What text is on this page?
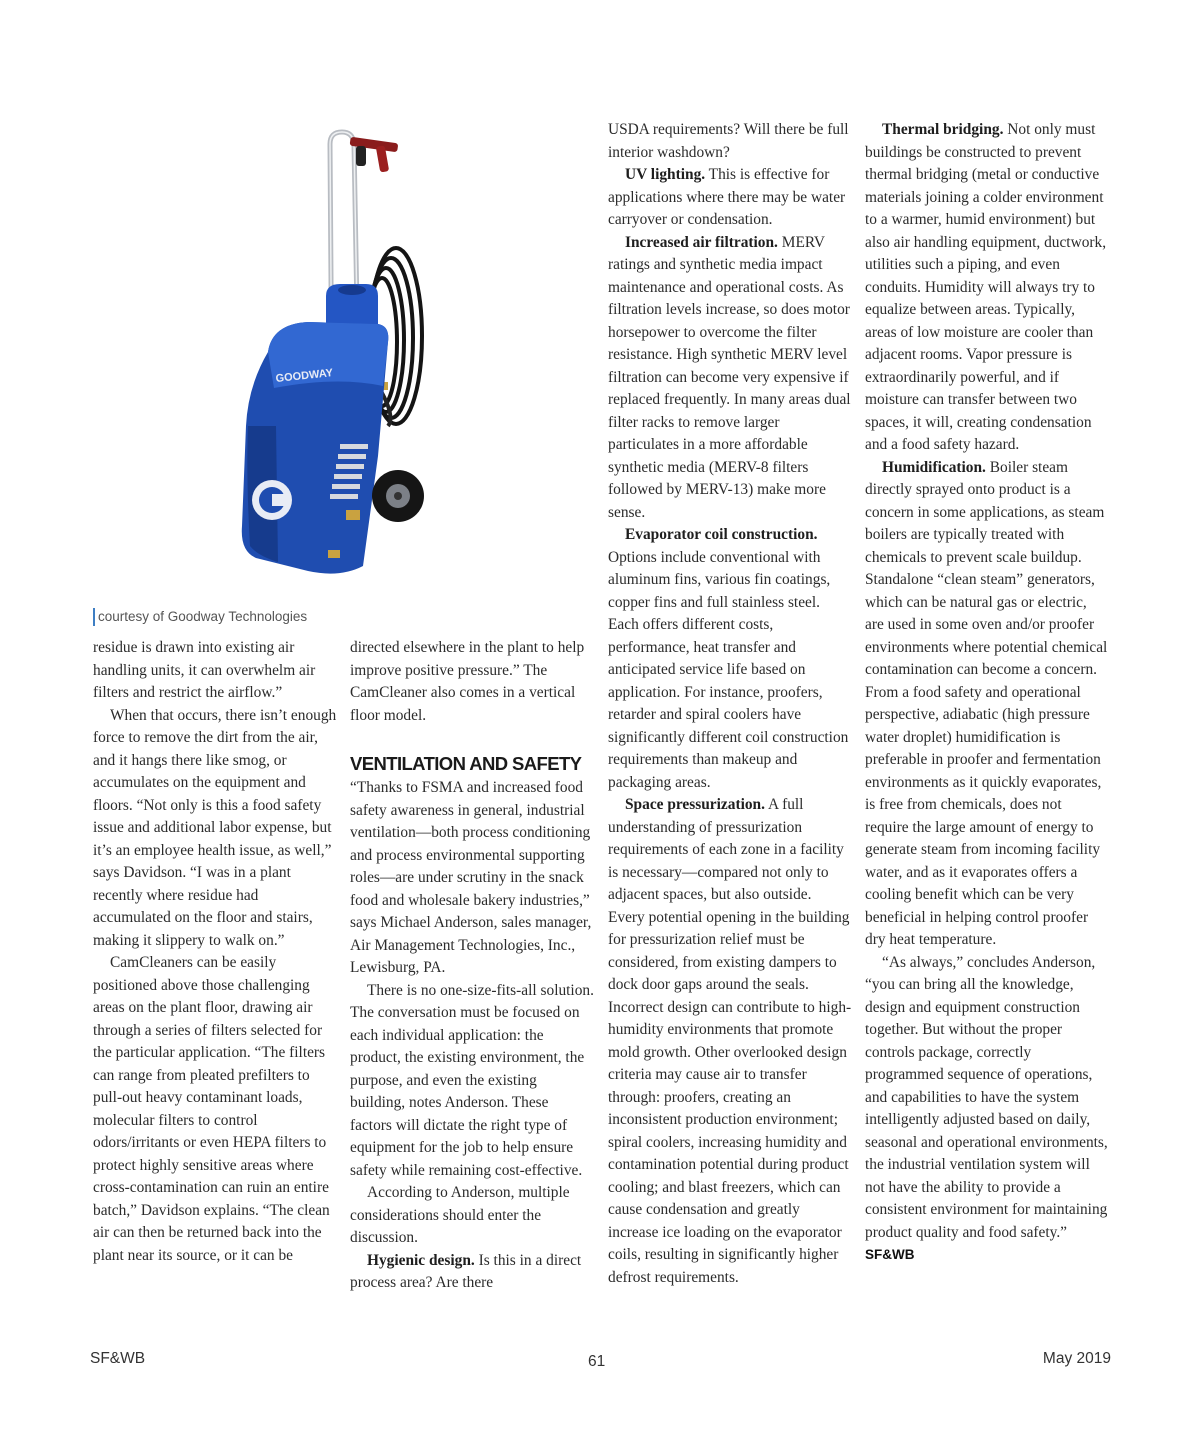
GOODWAY
courtesy of Goodway Technologies

residue is drawn into existing air handling units, it can overwhelm air filters and restrict the airflow.”

When that occurs, there isn’t enough force to remove the dirt from the air, and it hangs there like smog, or accumulates on the equipment and floors. “Not only is this a food safety issue and additional labor expense, but it’s an employee health issue, as well,” says Davidson. “I was in a plant recently where residue had accumulated on the floor and stairs, making it slippery to walk on.”

CamCleaners can be easily positioned above those challenging areas on the plant floor, drawing air through a series of filters selected for the particular application. “The filters can range from pleated prefilters to pull-out heavy contaminant loads, molecular filters to control odors/irritants or even HEPA filters to protect highly sensitive areas where cross-contamination can ruin an entire batch,” Davidson explains. “The clean air can then be returned back into the plant near its source, or it can be

directed elsewhere in the plant to help improve positive pressure.” The CamCleaner also comes in a vertical floor model.

VENTILATION AND SAFETY

“Thanks to FSMA and increased food safety awareness in general, industrial ventilation—both process conditioning and process environmental supporting roles—are under scrutiny in the snack food and wholesale bakery industries,” says Michael Anderson, sales manager, Air Management Technologies, Inc., Lewisburg, PA.

There is no one-size-fits-all solution. The conversation must be focused on each individual application: the product, the existing environment, the purpose, and even the existing building, notes Anderson. These factors will dictate the right type of equipment for the job to help ensure safety while remaining cost-effective.

According to Anderson, multiple considerations should enter the discussion.

Hygienic design. Is this in a direct process area? Are there

USDA requirements? Will there be full interior washdown?

UV lighting. This is effective for applications where there may be water carryover or condensation.

Increased air filtration. MERV ratings and synthetic media impact maintenance and operational costs. As filtration levels increase, so does motor horsepower to overcome the filter resistance. High synthetic MERV level filtration can become very expensive if replaced frequently. In many areas dual filter racks to remove larger particulates in a more affordable synthetic media (MERV-8 filters followed by MERV-13) make more sense.

Evaporator coil construction. Options include conventional with aluminum fins, various fin coatings, copper fins and full stainless steel. Each offers different costs, performance, heat transfer and anticipated service life based on application. For instance, proofers, retarder and spiral coolers have significantly different coil construction requirements than makeup and packaging areas.

Space pressurization. A full understanding of pressurization requirements of each zone in a facility is necessary—compared not only to adjacent spaces, but also outside. Every potential opening in the building for pressurization relief must be considered, from existing dampers to dock door gaps around the seals. Incorrect design can contribute to high-humidity environments that promote mold growth. Other overlooked design criteria may cause air to transfer through: proofers, creating an inconsistent production environment; spiral coolers, increasing humidity and contamination potential during product cooling; and blast freezers, which can cause condensation and greatly increase ice loading on the evaporator coils, resulting in significantly higher defrost requirements.

Thermal bridging. Not only must buildings be constructed to prevent thermal bridging (metal or conductive materials joining a colder environment to a warmer, humid environment) but also air handling equipment, ductwork, utilities such a piping, and even conduits. Humidity will always try to equalize between areas. Typically, areas of low moisture are cooler than adjacent rooms. Vapor pressure is extraordinarily powerful, and if moisture can transfer between two spaces, it will, creating condensation and a food safety hazard.

Humidification. Boiler steam directly sprayed onto product is a concern in some applications, as steam boilers are typically treated with chemicals to prevent scale buildup. Standalone “clean steam” generators, which can be natural gas or electric, are used in some oven and/or proofer environments where potential chemical contamination can become a concern. From a food safety and operational perspective, adiabatic (high pressure water droplet) humidification is preferable in proofer and fermentation environments as it quickly evaporates, is free from chemicals, does not require the large amount of energy to generate steam from incoming facility water, and as it evaporates offers a cooling benefit which can be very beneficial in helping control proofer dry heat temperature.

“As always,” concludes Anderson, “you can bring all the knowledge, design and equipment construction together. But without the proper controls package, correctly programmed sequence of operations, and capabilities to have the system intelligently adjusted based on daily, seasonal and operational environments, the industrial ventilation system will not have the ability to provide a consistent environment for maintaining product quality and food safety.” SF&WB

SF&WB	61	May 2019
